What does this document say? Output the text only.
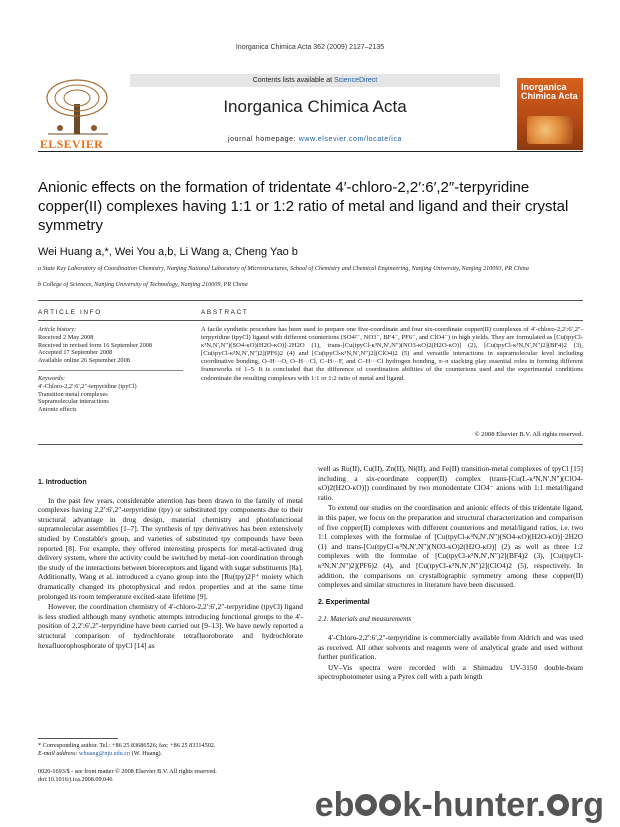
Inorganica Chimica Acta 362 (2009) 2127–2135
ELSEVIER
Contents lists available at ScienceDirect
Inorganica Chimica Acta
journal homepage: www.elsevier.com/locate/ica
Inorganica Chimica Acta
Anionic effects on the formation of tridentate 4′-chloro-2,2′:6′,2″-terpyridine copper(II) complexes having 1:1 or 1:2 ratio of metal and ligand and their crystal symmetry
Wei Huang a,*, Wei You a,b, Li Wang a, Cheng Yao b
a State Key Laboratory of Coordination Chemistry, Nanjing National Laboratory of Microstructures, School of Chemistry and Chemical Engineering, Nanjing University, Nanjing 210093, PR China
b College of Sciences, Nanjing University of Technology, Nanjing 210009, PR China
ARTICLE INFO	ABSTRACT
Article history:
Received 2 May 2008
Received in revised form 16 September 2008
Accepted 17 September 2008
Available online 26 September 2008
Keywords:
4′-Chloro-2,2′:6′,2″-terpyridine (tpyCl)
Transition metal complexes
Supramolecular interactions
Anionic effects
A facile synthetic procedure has been used to prepare one five-coordinate and four six-coordinate copper(II) complexes of 4′-chloro-2,2′:6′,2″-terpyridine (tpyCl) ligand with different counterions (SO4²⁻, NO3⁻, BF4⁻, PF6⁻, and ClO4⁻) in high yields. They are formulated as [Cu(tpyCl-κ³N,N′,N″)(SO4-κO)(H2O-κO)]·2H2O (1), trans-[Cu(tpyCl-κ³N,N′,N″)(NO3-κO)2(H2O-κO)] (2), [Cu(tpyCl-κ³N,N′,N″)2](BF4)2 (3), [Cu(tpyCl-κ³N,N′,N″)2](PF6)2 (4) and [Cu(tpyCl-κ³N,N′,N″)2](ClO4)2 (5) and versatile interactions in supramolecular level including coordinative bonding, O–H···O, O–H···Cl, C–H···F, and C–H···Cl hydrogen bonding, π–π stacking play essential roles in forming different frameworks of 1–5. It is concluded that the difference of coordination abilities of the counterions used and the experimental conditions codominate the resulting complexes with 1:1 or 1:2 ratio of metal and ligand.
© 2008 Elsevier B.V. All rights reserved.
1. Introduction

In the past few years, considerable attention has been drawn to the family of metal complexes having 2,2′:6′,2″-terpyridine (tpy) or substituted tpy components due to their structural advantage in drug design, material chemistry and photofunctional supramolecular assemblies [1–7]. The synthesis of tpy derivatives has been extensively studied by Constable's group, and varieties of substituted tpy compounds have been reported [8]. For example, they offered interesting prospects for metal-activated drug delivery system, where the activity could be switched by metal–ion coordination through the study of the interactions between bioreceptors and ligand with sugar substituents [8a]. Additionally, Wang et al. introduced a cyano group into the [Ru(tpy)2]²⁺ moiety which dramatically changed its photophysical and redox properties and at the same time prolonged its room temperature excited-state lifetime [9].

However, the coordination chemistry of 4′-chloro-2,2′:6′,2″-terpyridine (tpyCl) ligand is less studied although many synthetic attempts introducing functional groups to the 4′-position of 2,2′:6′,2″-terpyridine have been carried out [9–13]. We have newly reported a structural comparison of hydrochlorate tetrafluoroborate and hydrochlorate hexafluorophosphorate of tpyCl [14] as

well as Ru(II), Cu(II), Zn(II), Ni(II), and Fe(II) transition-metal complexes of tpyCl [15] including a six-coordinate copper(II) complex (trans-[Cu(L-κ³N,N′,N″)(ClO4-κO)2(H2O-κO)]) coordinated by two monodentate ClO4⁻ anions with 1:1 metal/ligand ratio.

To extend our studies on the coordination and anionic effects of this tridentate ligand, in this paper, we focus on the preparation and structural characterization and comparison of five copper(II) complexes with different counterions and metal/ligand ratios, i.e. two 1:1 complexes with the formulae of [Cu(tpyCl-κ³N,N′,N″)(SO4-κO)(H2O-κO)]·2H2O (1) and trans-[Cu(tpyCl-κ³N,N′,N″)(NO3-κO)2(H2O-κO)] (2) as well as three 1:2 complexes with the formulae of [Cu(tpyCl-κ³N,N′,N″)2](BF4)2 (3), [Cu(tpyCl-κ³N,N′,N″)2](PF6)2 (4), and [Cu(tpyCl-κ³N,N′,N″)2](ClO4)2 (5), respectively. In addition, the comparisons on crystallographic symmetry among these copper(II) complexes and similar structures in literature have been discussed.

2. Experimental
2.1. Materials and measurements

4′-Chloro-2,2′:6′,2″-terpyridine is commercially available from Aldrich and was used as received. All other solvents and reagents were of analytical grade and used without further purification.

UV–Vis spectra were recorded with a Shimadzu UV-3150 double-beam spectrophotometer using a Pyrex cell with a path length

* Corresponding author. Tel.: +86 25 83686526; fax: +86 25 83314502.
E-mail address: whuang@nju.edu.cn (W. Huang).
0020-1693/$ - see front matter © 2008 Elsevier B.V. All rights reserved.
doi:10.1016/j.ica.2008.09.046
eb k-hunter. rg
